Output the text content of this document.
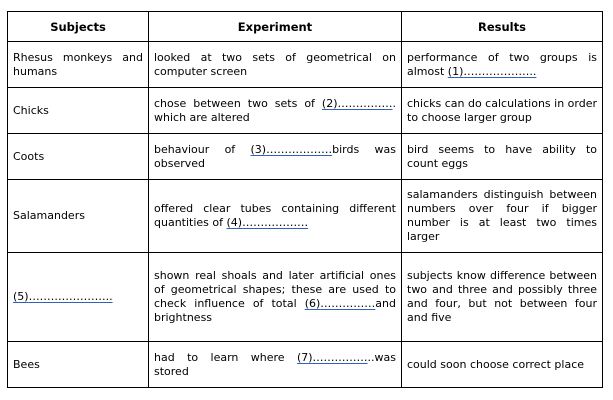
Subjects	Experiment	Results
Rhesus monkeys and humans	looked at two sets of geometrical on computer screen	performance of two groups is almost (1)………………..
Chicks	chose between two sets of (2)……………. which are altered	chicks can do calculations in order to choose larger group
Coots	behaviour of (3)………………birds was observed	bird seems to have ability to count eggs
Salamanders	offered clear tubes containing different quantities of (4)………………	salamanders distinguish between numbers over four if bigger number is at least two times larger
(5)…………………..	shown real shoals and later artificial ones of geometrical shapes; these are used to check influence of total (6)……………and brightness	subjects know difference between two and three and possibly three and four, but not between four and five
Bees	had to learn where (7)……………..was stored	could soon choose correct place
